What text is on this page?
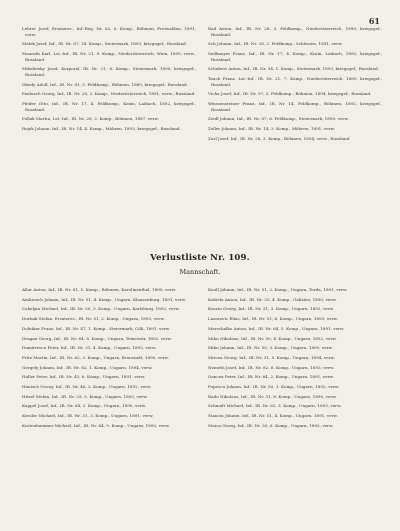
61

Lehrer Josef, Ersatzres., Inf.-Reg. Nr. 82, 6. Komp., Böhmen, Freiwaldau, 1891, verw.

Malek Josef, Inf., IR. Nr. 87, 14. Komp., Steiermark, 1893, kriegsgef., Russland.

Maurath Karl, Lst.-Inf., IR. Nr. 21, 9. Komp., Niederösterreich, Wien, 1895, verw., Russland.

Mikuletzky Josef, Korporal, IR. Nr. 21, 6. Komp., Steiermark, 1890, kriegsgef., Russland.

Obedy Adolf, Inf., IR. Nr. 81, 5. Feldkomp., Böhmen, 1889, kriegsgef., Russland.

Paulusch Georg, Inf., IR. Nr. 28, 2. Komp., Niederösterreich, 1891, verw., Russland.

Pfeifer Otto, Inf., IR. Nr. 17, 4. Feldkomp., Krain, Laibach, 1892, kriegsgef., Russland.

Pollak Martin, Lst.-Inf., IR. Nr. 28, 3. Komp., Böhmen, 1887, verw.

Rojek Johann, Inf., IR. Nr. 14, 4. Komp., Mähren, 1893, kriegsgef., Russland.

Rad Anton, Inf., IR. Nr. 28, 3. Feldkomp., Niederösterreich, 1890, kriegsgef., Russland.

Sch Johann, Inf., IR. Nr. 28, 2. Feldkomp., Schlesien, 1891, verw.

Sedlmayer Franz, Inf., IR. Nr. 17, 4. Komp., Krain, Laibach, 1892, kriegsgef., Russland.

Schubert Anton, Inf., IR. Nr. 34, 1. Komp., Steiermark, 1893, kriegsgef., Russland.

Tauch Franz, Lst.-Inf., IR. Nr. 21, 7. Komp., Niederösterreich, 1889, kriegsgef., Russland.

Vicha Josef, Inf., IR. Nr. 97, 3. Feldkomp., Böhmen, 1894, kriegsgef., Russland.

Weissensteiner Franz, Inf., IR. Nr. 14, Feldkomp., Böhmen, 1892, kriegsgef., Russland.

Zeidl Johann, Inf., IR. Nr. 87, 6. Feldkomp., Steiermark, 1890, verw.

Zeller Johann, Inf., IR. Nr. 14, 3. Komp., Mähren, 1891, verw.

Zurl Josef, Inf., IR. Nr. 28, 3. Komp., Böhmen, 1894, verw., Russland.

Verlustliste Nr. 109.
Mannschaft.

Allar Anton, Inf., IR. Nr. 81, 5. Komp., Böhmen, Karolinenthal, 1890, verw.

Ambrosch Johann, Inf., IR. Nr. 51, 4. Komp., Ungarn, Klausenburg, 1891, verw.

Cakeljan Michael, Inf., IR. Nr. 50, 3. Komp., Ungarn, Karlsburg, 1892, verw.

Durbak Stefan, Ersatzres., IR. Nr. 51, 2. Komp., Ungarn, 1893, verw.

Dolnikar Franz, Inf., IR. Nr. 47, 1. Komp., Steiermark, Cilli, 1891, verw.

Dragan Georg, Inf., IR. Nr. 64, 8. Komp., Ungarn, Temesvár, 1892, verw.

Dumitrescu Peter, Inf., IR. Nr. 31, 4. Komp., Ungarn, 1893, verw.

Fritz Martin, Inf., IR. Nr. 62, 3. Komp., Ungarn, Kronstadt, 1890, verw.

Gergely Johann, Inf., IR. Nr. 82, 1. Komp., Ungarn, 1894, verw.

Haller Peter, Inf., IR. Nr. 43, 6. Komp., Ungarn, 1891, verw.

Hanisch Georg, Inf., IR. Nr. 46, 2. Komp., Ungarn, 1892, verw.

Hitzel Stefan, Inf., IR. Nr. 29, 5. Komp., Ungarn, 1893, verw.

Kappel Josef, Inf., IR. Nr. 64, 2. Komp., Ungarn, 1890, verw.

Kessler Michael, Inf., IR. Nr. 31, 3. Komp., Ungarn, 1891, verw.

Kostenhammer Michael, Inf., IR. Nr. 64, 9. Komp., Ungarn, 1892, verw.

Knoll Johann, Inf., IR. Nr. 51, 2. Komp., Ungarn, Torda, 1891, verw.

Kobiela Anton, Inf., IR. Nr. 20, 4. Komp., Galizien, 1890, verw.

Koszta Georg, Inf., IR. Nr. 31, 3. Komp., Ungarn, 1892, verw.

Lazarovic Elias, Inf., IR. Nr. 51, 6. Komp., Ungarn, 1893, verw.

Marschalko Anton, Inf., IR. Nr. 64, 5. Komp., Ungarn, 1891, verw.

Mihu Nikolaus, Inf., IR. Nr. 50, 4. Komp., Ungarn, 1892, verw.

Mihu Johann, Inf., IR. Nr. 50, 3. Komp., Ungarn, 1890, verw.

Mircea Georg, Inf., IR. Nr. 31, 5. Komp., Ungarn, 1894, verw.

Nemeth Josef, Inf., IR. Nr. 82, 6. Komp., Ungarn, 1893, verw.

Oancea Peter, Inf., IR. Nr. 64, 2. Komp., Ungarn, 1891, verw.

Popescu Johann, Inf., IR. Nr. 50, 1. Komp., Ungarn, 1892, verw.

Rado Nikolaus, Inf., IR. Nr. 31, 8. Komp., Ungarn, 1890, verw.

Schmidt Michael, Inf., IR. Nr. 62, 3. Komp., Ungarn, 1893, verw.

Stanciu Johann, Inf., IR. Nr. 51, 4. Komp., Ungarn, 1891, verw.

Stoica Georg, Inf., IR. Nr. 50, 6. Komp., Ungarn, 1892, verw.
